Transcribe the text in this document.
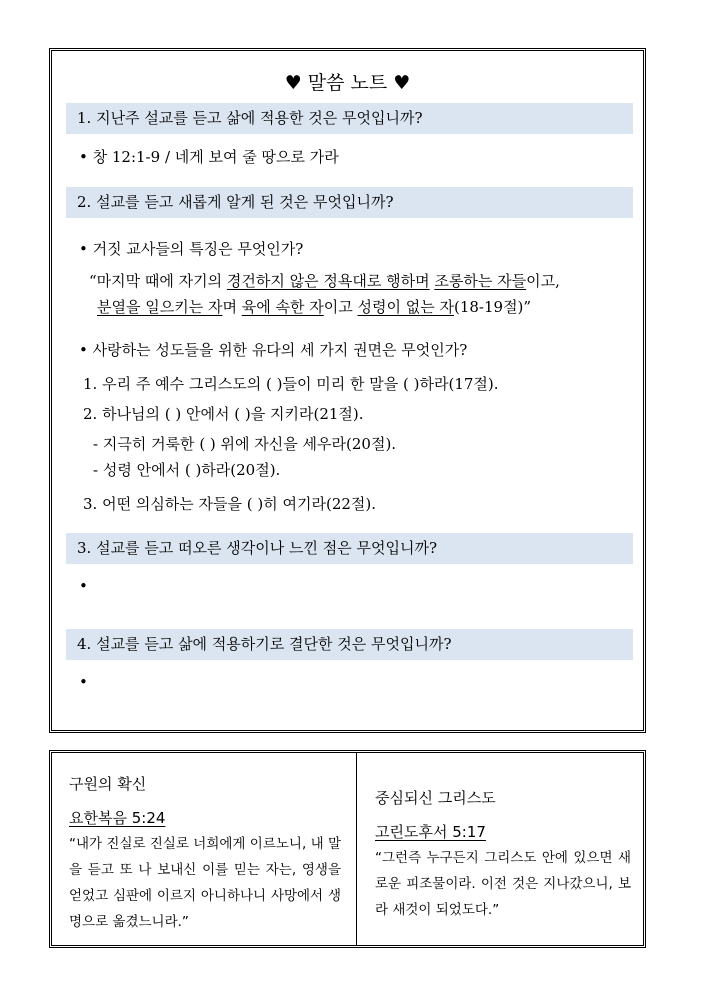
♥ 말씀 노트 ♥
1. 지난주 설교를 듣고 삶에 적용한 것은 무엇입니까?
• 창 12:1-9 / 네게 보여 줄 땅으로 가라
2. 설교를 듣고 새롭게 알게 된 것은 무엇입니까?
• 거짓 교사들의 특징은 무엇인가?
“마지막 때에 자기의 경건하지 않은 정욕대로 행하며 조롱하는 자들이고,
분열을 일으키는 자며 육에 속한 자이고 성령이 없는 자(18-19절)”
• 사랑하는 성도들을 위한 유다의 세 가지 권면은 무엇인가?
1. 우리 주 예수 그리스도의 ( )들이 미리 한 말을 ( )하라(17절).
2. 하나님의 ( ) 안에서 ( )을 지키라(21절).
- 지극히 거룩한 ( ) 위에 자신을 세우라(20절).
- 성령 안에서 ( )하라(20절).
3. 어떤 의심하는 자들을 ( )히 여기라(22절).
3. 설교를 듣고 떠오른 생각이나 느낀 점은 무엇입니까?
•
4. 설교를 듣고 삶에 적용하기로 결단한 것은 무엇입니까?
•
구원의 확신
요한복음 5:24
“내가 진실로 진실로 너희에게 이르노니, 내 말을 듣고 또 나 보내신 이를 믿는 자는, 영생을 얻었고 심판에 이르지 아니하나니 사망에서 생명으로 옮겼느니라.”
중심되신 그리스도
고린도후서 5:17
“그런즉 누구든지 그리스도 안에 있으면 새로운 피조물이라. 이전 것은 지나갔으니, 보라 새것이 되었도다.”
